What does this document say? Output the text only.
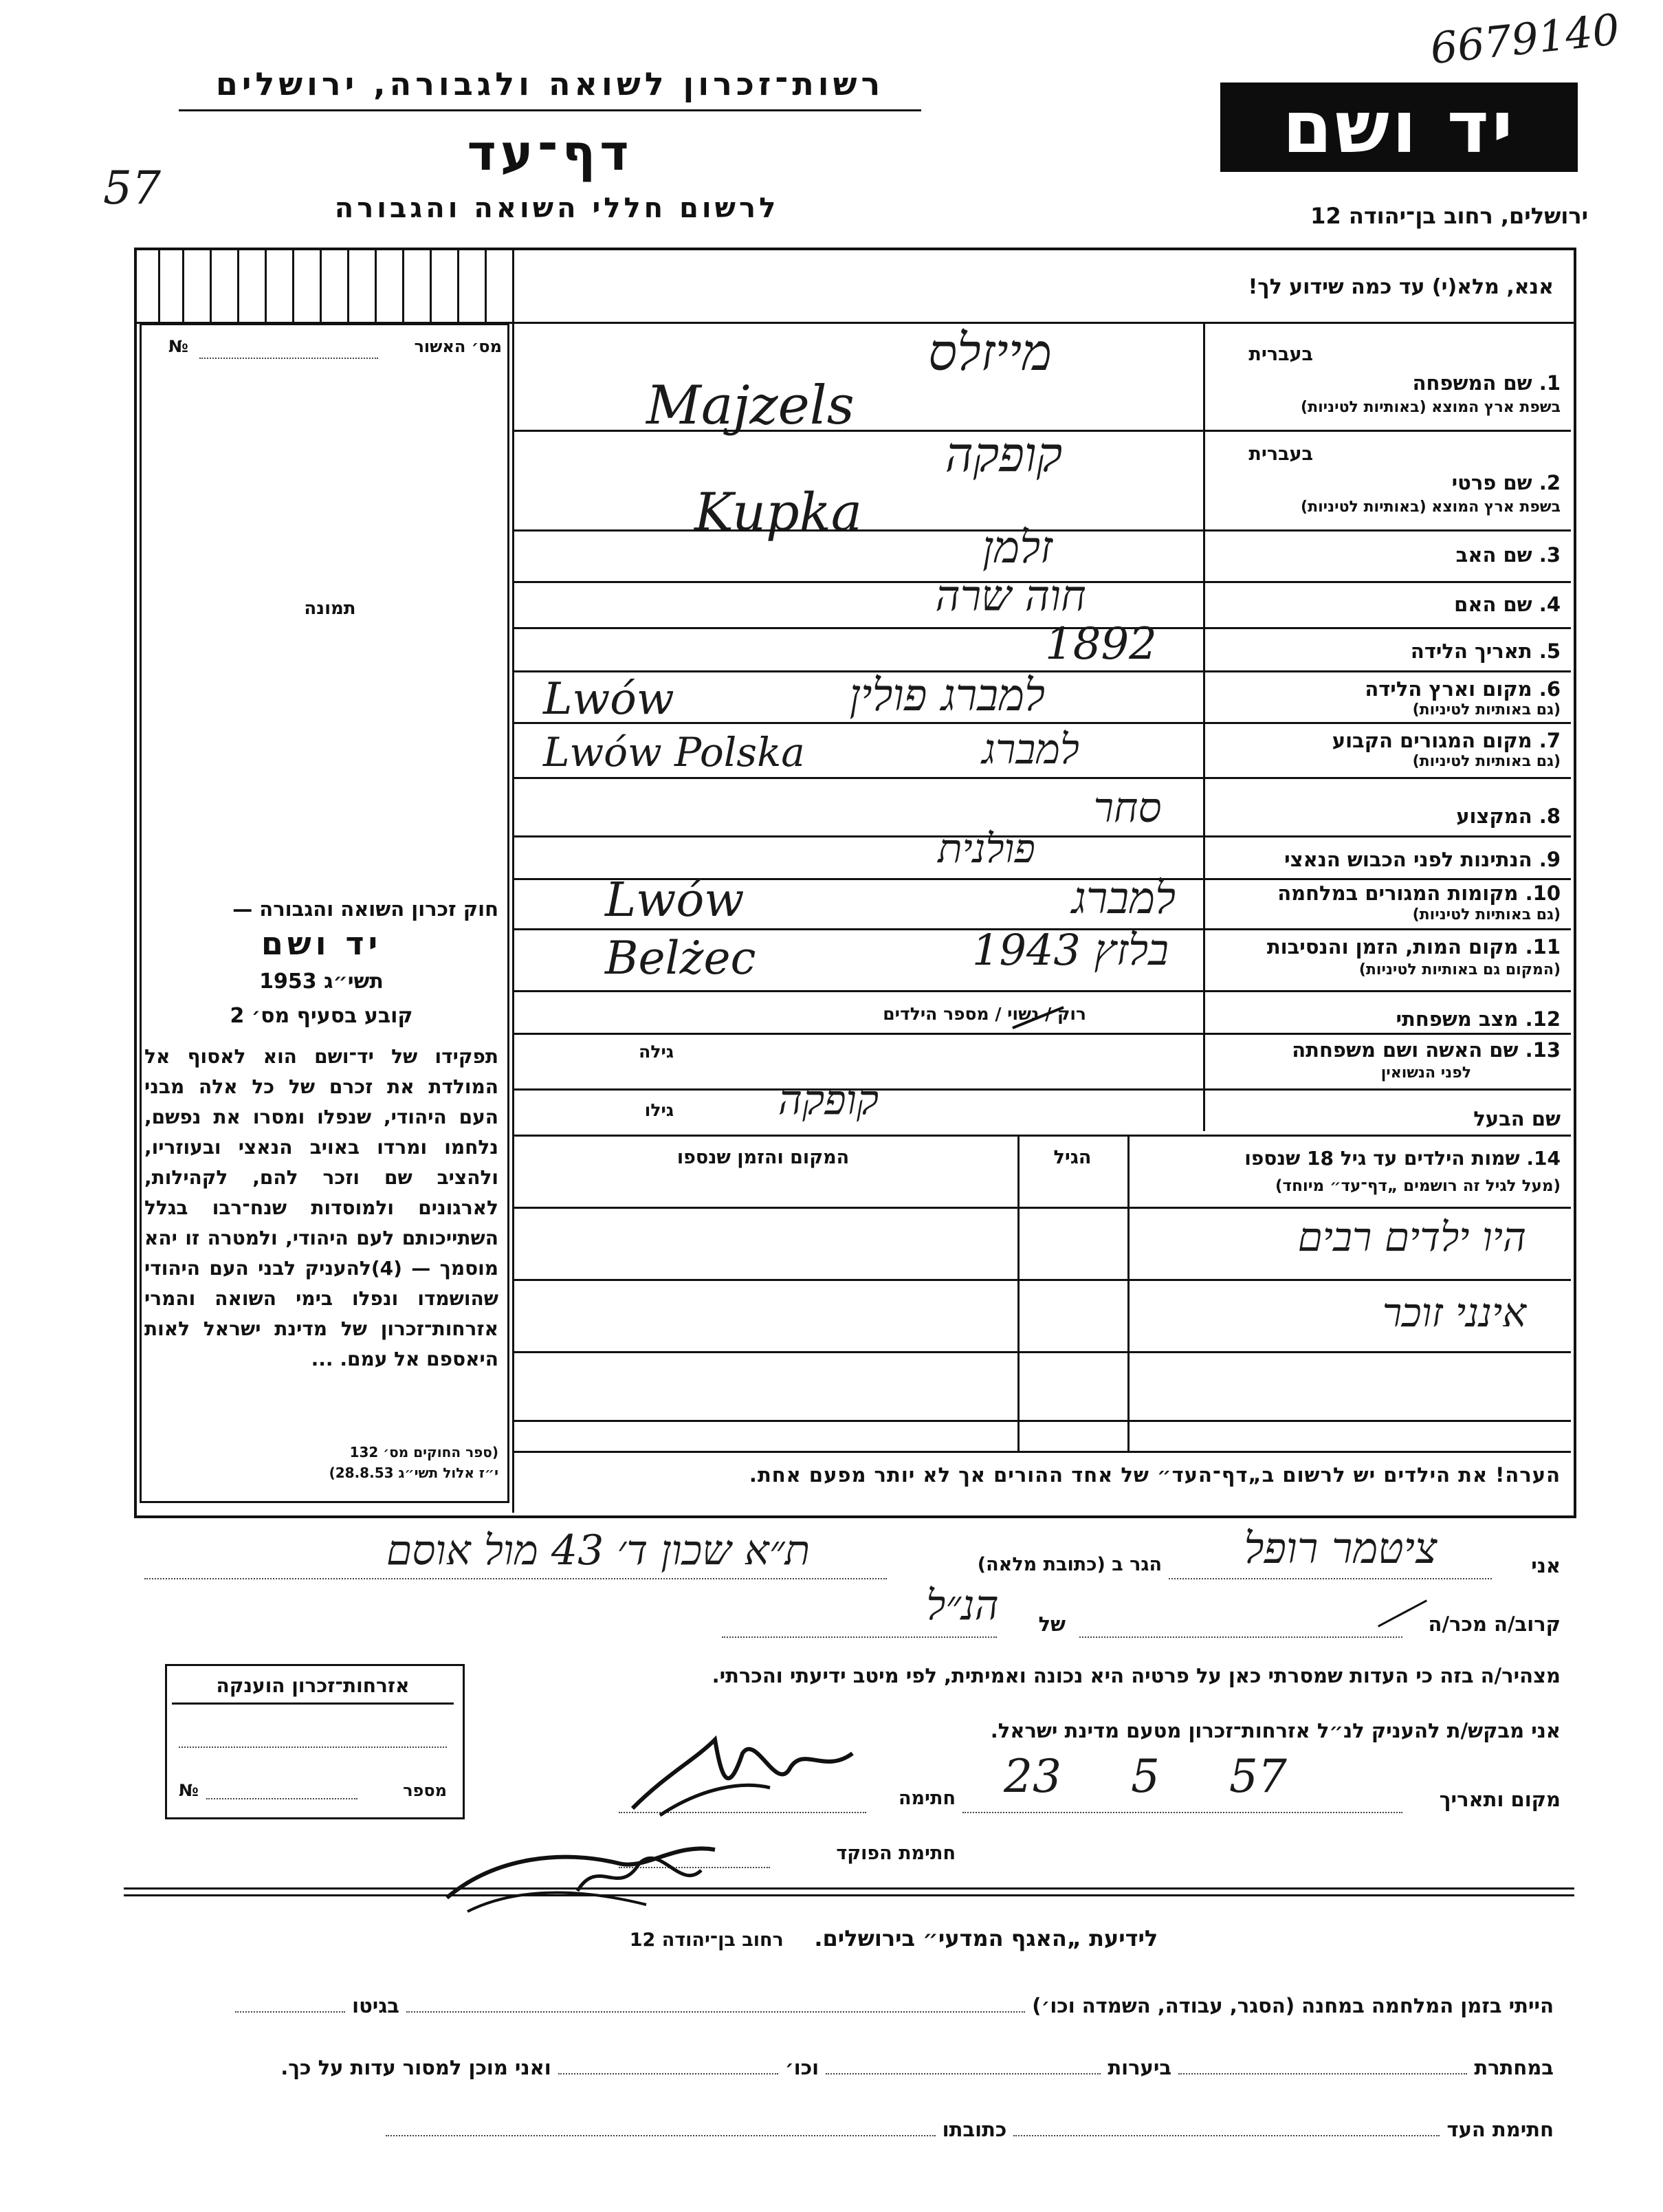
6679140
57
רשות־זכרון לשואה ולגבורה, ירושלים
דף־עד
לרשום חללי השואה והגבורה
יד ושם
ירושלים, רחוב בן־יהודה 12
אנא, מלא(י) עד כמה שידוע לך!
מס׳ האשור
№
תמונה
חוק זכרון השואה והגבורה —
יד ושם
תשי״ג 1953
קובע בסעיף מס׳ 2
תפקידו של יד־ושם הוא לאסוף אל המולדת את זכרם של כל אלה מבני העם היהודי, שנפלו ומסרו את נפשם, נלחמו ומרדו באויב הנאצי ובעוזריו, ולהציב שם וזכר להם, לקהילות, לארגונים ולמוסדות שנח־רבו בגלל השתייכותם לעם היהודי, ולמטרה זו יהא מוסמך — (4)להעניק לבני העם היהודי שהושמדו ונפלו בימי השואה והמרי אזרחות־זכרון של מדינת ישראל לאות היאספם אל עמם. ...
(ספר החוקים מס׳ 132
י״ז אלול תשי״ג 28.8.53)
בעברית
1. שם המשפחה
בשפת ארץ המוצא (באותיות לטיניות)
מייזלס
Majzels
בעברית
2. שם פרטי
בשפת ארץ המוצא (באותיות לטיניות)
קופקה
Kupka
3. שם האב
זלמן
4. שם האם
חוה שרה
5. תאריך הלידה
1892
6. מקום וארץ הלידה
(גם באותיות לטיניות)
למברג פולין
Lwów
7. מקום המגורים הקבוע
(גם באותיות לטיניות)
למברג
Lwów Polska
8. המקצוע
סחר
9. הנתינות לפני הכבוש הנאצי
פולנית
10. מקומות המגורים במלחמה
(גם באותיות לטיניות)
למברג
Lwów
11. מקום המות, הזמן והנסיבות
(המקום גם באותיות לטיניות)
בלזץ 1943
Belżec
12. מצב משפחתי
רוק / נשוי / מספר הילדים
13. שם האשה ושם משפחתה
לפני הנשואין
גילה
שם הבעל
קופקה
גילו
14. שמות הילדים עד גיל 18 שנספו
(מעל לגיל זה רושמים „דף־עד״ מיוחד)
הגיל
המקום והזמן שנספו
היו ילדים רבים
אינני זוכר
הערה! את הילדים יש לרשום ב„דף־העד״ של אחד ההורים אך לא יותר מפעם אחת.
אני
ציטמר רופל
הגר ב (כתובת מלאה)
ת״א שכון ד׳ 43 מול אוסם
קרוב/ה מכר/ה
של
הנ״ל
מצהיר/ה בזה כי העדות שמסרתי כאן על פרטיה היא נכונה ואמיתית, לפי מיטב ידיעתי והכרתי.
אני מבקש/ת להעניק לנ״ל אזרחות־זכרון מטעם מדינת ישראל.
מקום ותאריך
23 5 57
חתימה
חתימת הפוקד
אזרחות־זכרון הוענקה
מספר
№
לידיעת „האגף המדעי״ בירושלים.    רחוב בן־יהודה 12
הייתי בזמן המלחמה במחנה (הסגר, עבודה, השמדה וכו׳)  בגיטו
במחתרת  ביערות  וכו׳  ואני מוכן למסור עדות על כך.
חתימת העד  כתובתו
